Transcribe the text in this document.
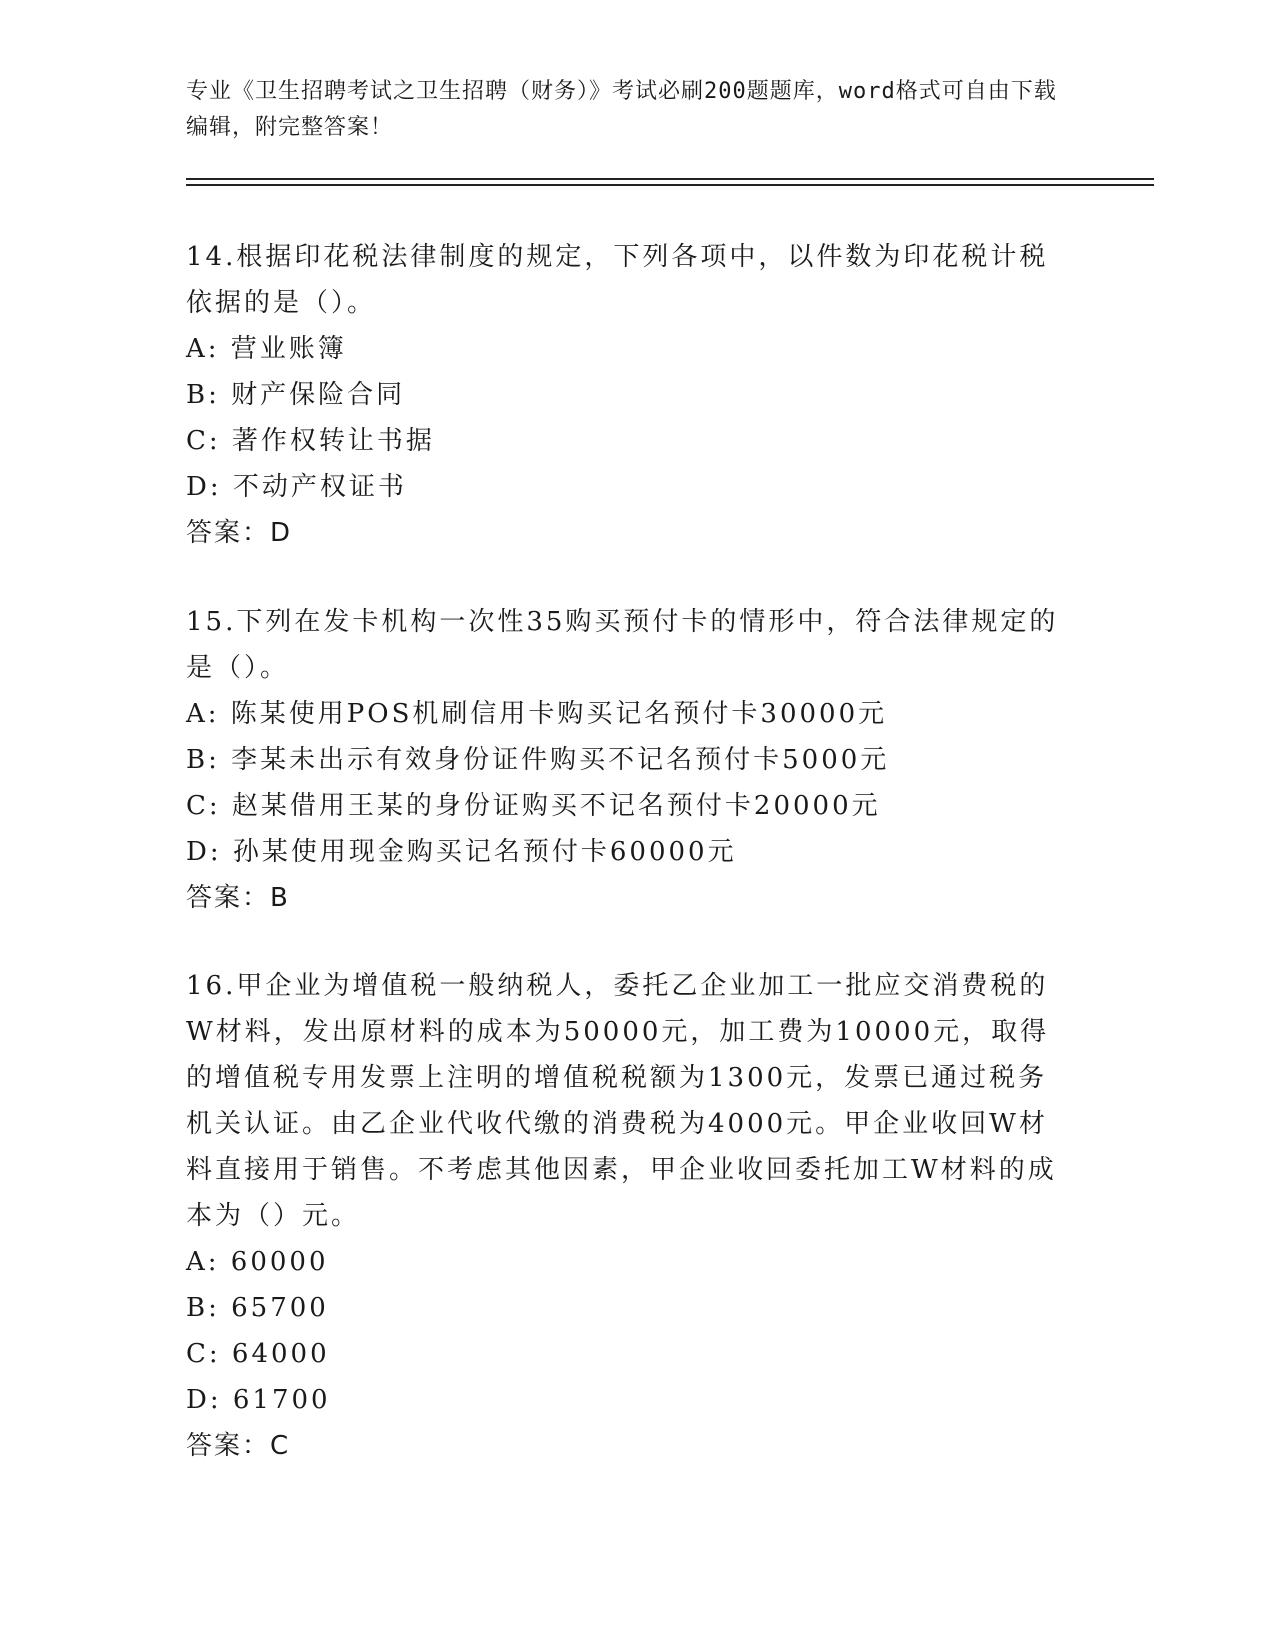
专业《卫生招聘考试之卫生招聘（财务）》考试必刷200题题库，word格式可自由下载编辑，附完整答案！

14.根据印花税法律制度的规定，下列各项中，以件数为印花税计税依据的是（）。

A: 营业账簿

B: 财产保险合同

C: 著作权转让书据

D: 不动产权证书

答案：D

15.下列在发卡机构一次性35购买预付卡的情形中，符合法律规定的是（）。

A: 陈某使用POS机刷信用卡购买记名预付卡30000元

B: 李某未出示有效身份证件购买不记名预付卡5000元

C: 赵某借用王某的身份证购买不记名预付卡20000元

D: 孙某使用现金购买记名预付卡60000元

答案：B

16.甲企业为增值税一般纳税人，委托乙企业加工一批应交消费税的W材料，发出原材料的成本为50000元，加工费为10000元，取得的增值税专用发票上注明的增值税税额为1300元，发票已通过税务机关认证。由乙企业代收代缴的消费税为4000元。甲企业收回W材料直接用于销售。不考虑其他因素，甲企业收回委托加工W材料的成本为（）元。

A: 60000

B: 65700

C: 64000

D: 61700

答案：C
